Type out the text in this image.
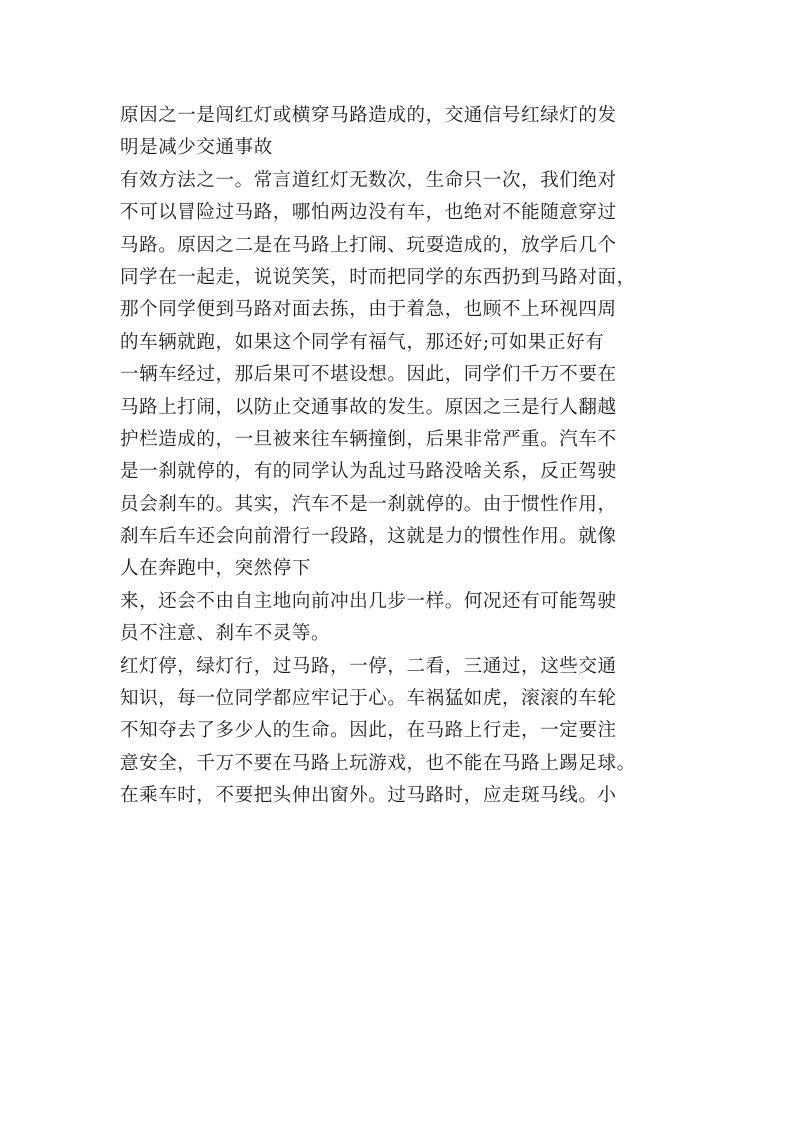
原因之一是闯红灯或横穿马路造成的，交通信号红绿灯的发
明是减少交通事故
有效方法之一。常言道红灯无数次，生命只一次，我们绝对
不可以冒险过马路，哪怕两边没有车，也绝对不能随意穿过
马路。原因之二是在马路上打闹、玩耍造成的，放学后几个
同学在一起走，说说笑笑，时而把同学的东西扔到马路对面，
那个同学便到马路对面去拣，由于着急，也顾不上环视四周
的车辆就跑，如果这个同学有福气，那还好;可如果正好有
一辆车经过，那后果可不堪设想。因此，同学们千万不要在
马路上打闹，以防止交通事故的发生。原因之三是行人翻越
护栏造成的，一旦被来往车辆撞倒，后果非常严重。汽车不
是一刹就停的，有的同学认为乱过马路没啥关系，反正驾驶
员会刹车的。其实，汽车不是一刹就停的。由于惯性作用，
刹车后车还会向前滑行一段路，这就是力的惯性作用。就像
人在奔跑中，突然停下
来，还会不由自主地向前冲出几步一样。何况还有可能驾驶
员不注意、刹车不灵等。
红灯停，绿灯行，过马路，一停，二看，三通过，这些交通
知识，每一位同学都应牢记于心。车祸猛如虎，滚滚的车轮
不知夺去了多少人的生命。因此，在马路上行走，一定要注
意安全，千万不要在马路上玩游戏，也不能在马路上踢足球。
在乘车时，不要把头伸出窗外。过马路时，应走斑马线。小
